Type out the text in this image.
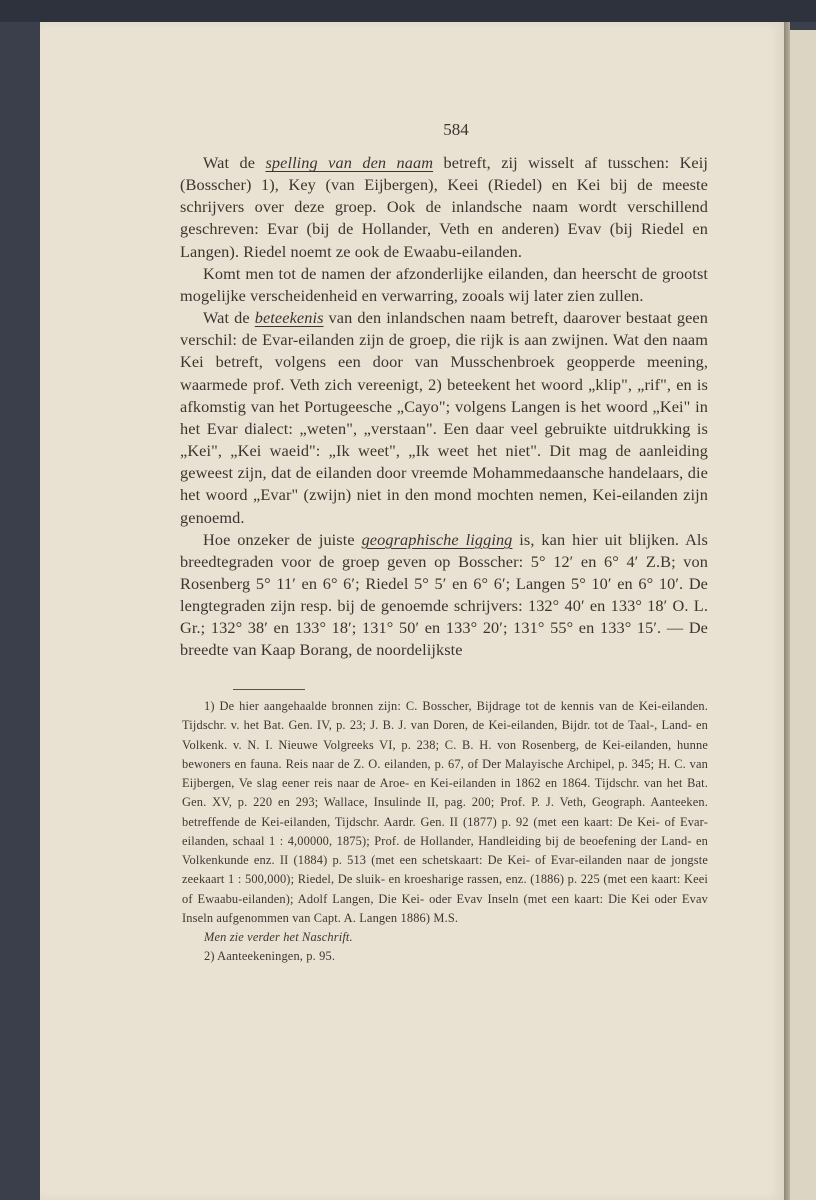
584

Wat de spelling van den naam betreft, zij wisselt af tusschen: Keij (Bosscher) 1), Key (van Eijbergen), Keei (Riedel) en Kei bij de meeste schrijvers over deze groep. Ook de inlandsche naam wordt verschillend geschreven: Evar (bij de Hollander, Veth en anderen) Evav (bij Riedel en Langen). Riedel noemt ze ook de Ewaabu-eilanden.

Komt men tot de namen der afzonderlijke eilanden, dan heerscht de grootst mogelijke verscheidenheid en verwarring, zooals wij later zien zullen.

Wat de beteekenis van den inlandschen naam betreft, daarover bestaat geen verschil: de Evar-eilanden zijn de groep, die rijk is aan zwijnen. Wat den naam Kei betreft, volgens een door van Musschenbroek geopperde meening, waarmede prof. Veth zich vereenigt, 2) beteekent het woord „klip", „rif", en is afkomstig van het Portugeesche „Cayo"; volgens Langen is het woord „Kei" in het Evar dialect: „weten", „verstaan". Een daar veel gebruikte uitdrukking is „Kei", „Kei waeid": „Ik weet", „Ik weet het niet". Dit mag de aanleiding geweest zijn, dat de eilanden door vreemde Mohammedaansche handelaars, die het woord „Evar" (zwijn) niet in den mond mochten nemen, Kei-eilanden zijn genoemd.

Hoe onzeker de juiste geographische ligging is, kan hier uit blijken. Als breedtegraden voor de groep geven op Bosscher: 5° 12′ en 6° 4′ Z.B; von Rosenberg 5° 11′ en 6° 6′; Riedel 5° 5′ en 6° 6′; Langen 5° 10′ en 6° 10′. De lengtegraden zijn resp. bij de genoemde schrijvers: 132° 40′ en 133° 18′ O. L. Gr.; 132° 38′ en 133° 18′; 131° 50′ en 133° 20′; 131° 55° en 133° 15′. — De breedte van Kaap Borang, de noordelijkste

1) De hier aangehaalde bronnen zijn: C. Bosscher, Bijdrage tot de kennis van de Kei-eilanden. Tijdschr. v. het Bat. Gen. IV, p. 23; J. B. J. van Doren, de Kei-eilanden, Bijdr. tot de Taal-, Land- en Volkenk. v. N. I. Nieuwe Volgreeks VI, p. 238; C. B. H. von Rosenberg, de Kei-eilanden, hunne bewoners en fauna. Reis naar de Z. O. eilanden, p. 67, of Der Malayische Archipel, p. 345; H. C. van Eijbergen, Ve slag eener reis naar de Aroe- en Kei-eilanden in 1862 en 1864. Tijdschr. van het Bat. Gen. XV, p. 220 en 293; Wallace, Insulinde II, pag. 200; Prof. P. J. Veth, Geograph. Aanteeken. betreffende de Kei-eilanden, Tijdschr. Aardr. Gen. II (1877) p. 92 (met een kaart: De Kei- of Evar-eilanden, schaal 1 : 4,00000, 1875); Prof. de Hollander, Handleiding bij de beoefening der Land- en Volkenkunde enz. II (1884) p. 513 (met een schetskaart: De Kei- of Evar-eilanden naar de jongste zeekaart 1 : 500,000); Riedel, De sluik- en kroesharige rassen, enz. (1886) p. 225 (met een kaart: Keei of Ewaabu-eilanden); Adolf Langen, Die Kei- oder Evav Inseln (met een kaart: Die Kei oder Evav Inseln aufgenommen van Capt. A. Langen 1886) M.S.

Men zie verder het Naschrift.

2) Aanteekeningen, p. 95.
